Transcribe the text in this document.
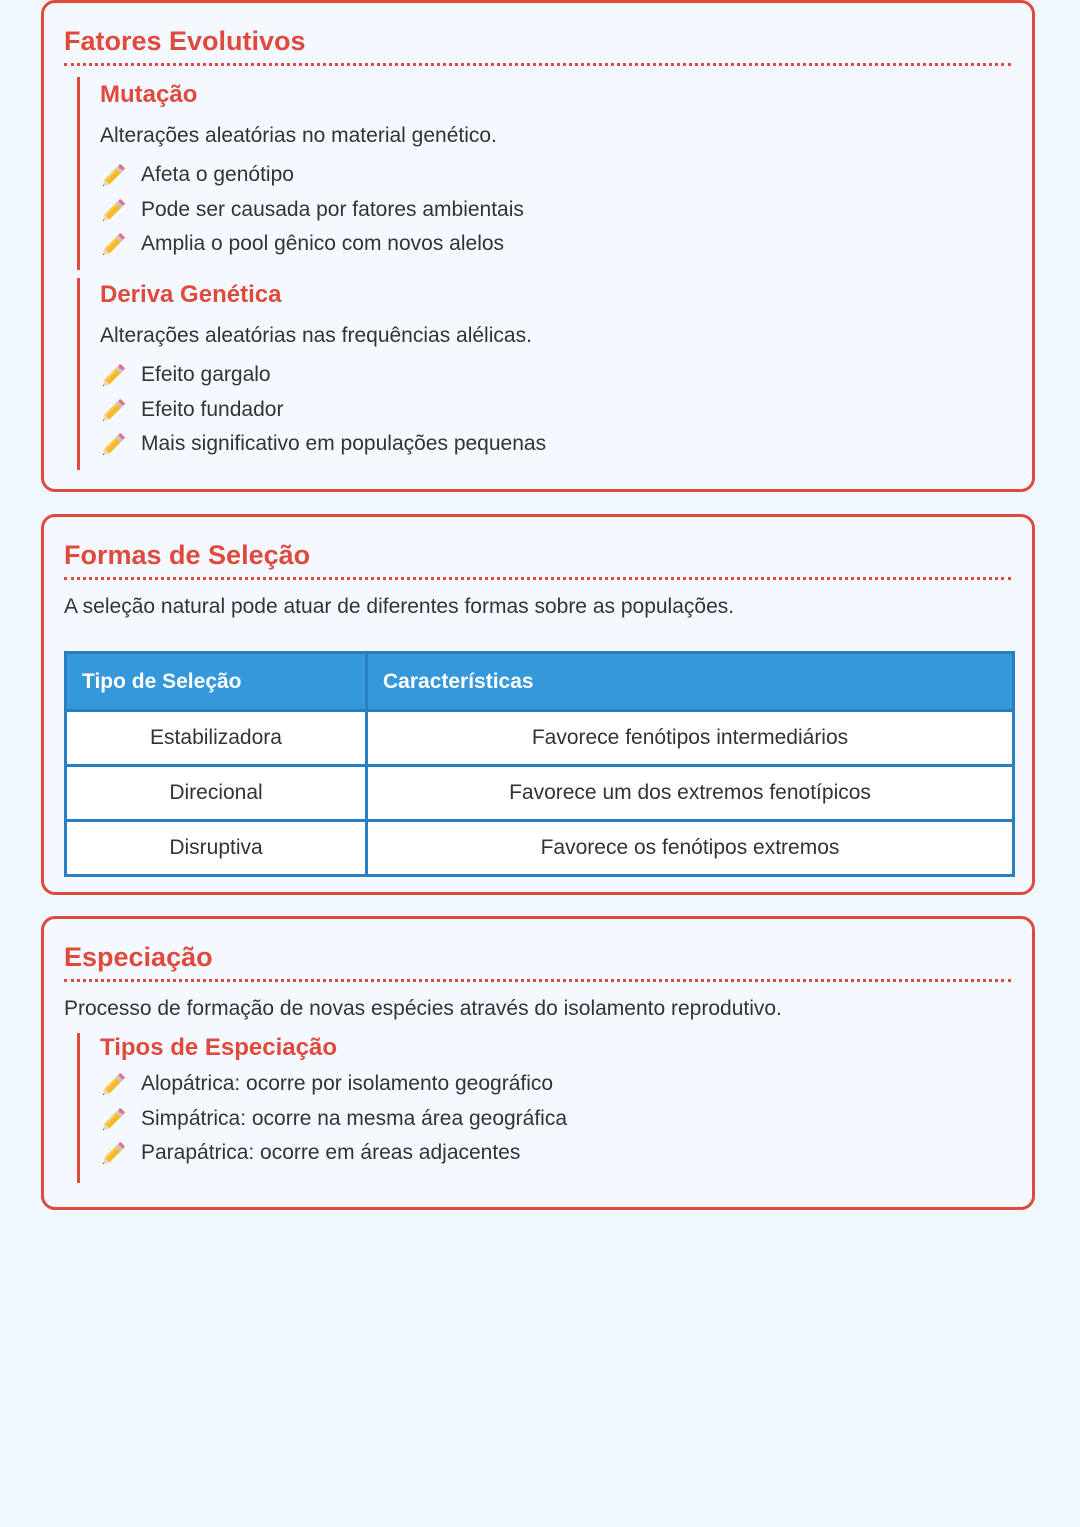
Fatores Evolutivos
Mutação

Alterações aleatórias no material genético.

Afeta o genótipo
Pode ser causada por fatores ambientais
Amplia o pool gênico com novos alelos
Deriva Genética

Alterações aleatórias nas frequências alélicas.

Efeito gargalo
Efeito fundador
Mais significativo em populações pequenas
Formas de Seleção

A seleção natural pode atuar de diferentes formas sobre as populações.

Tipo de Seleção	Características
Estabilizadora	Favorece fenótipos intermediários
Direcional	Favorece um dos extremos fenotípicos
Disruptiva	Favorece os fenótipos extremos
Especiação

Processo de formação de novas espécies através do isolamento reprodutivo.

Tipos de Especiação
Alopátrica: ocorre por isolamento geográfico
Simpátrica: ocorre na mesma área geográfica
Parapátrica: ocorre em áreas adjacentes
